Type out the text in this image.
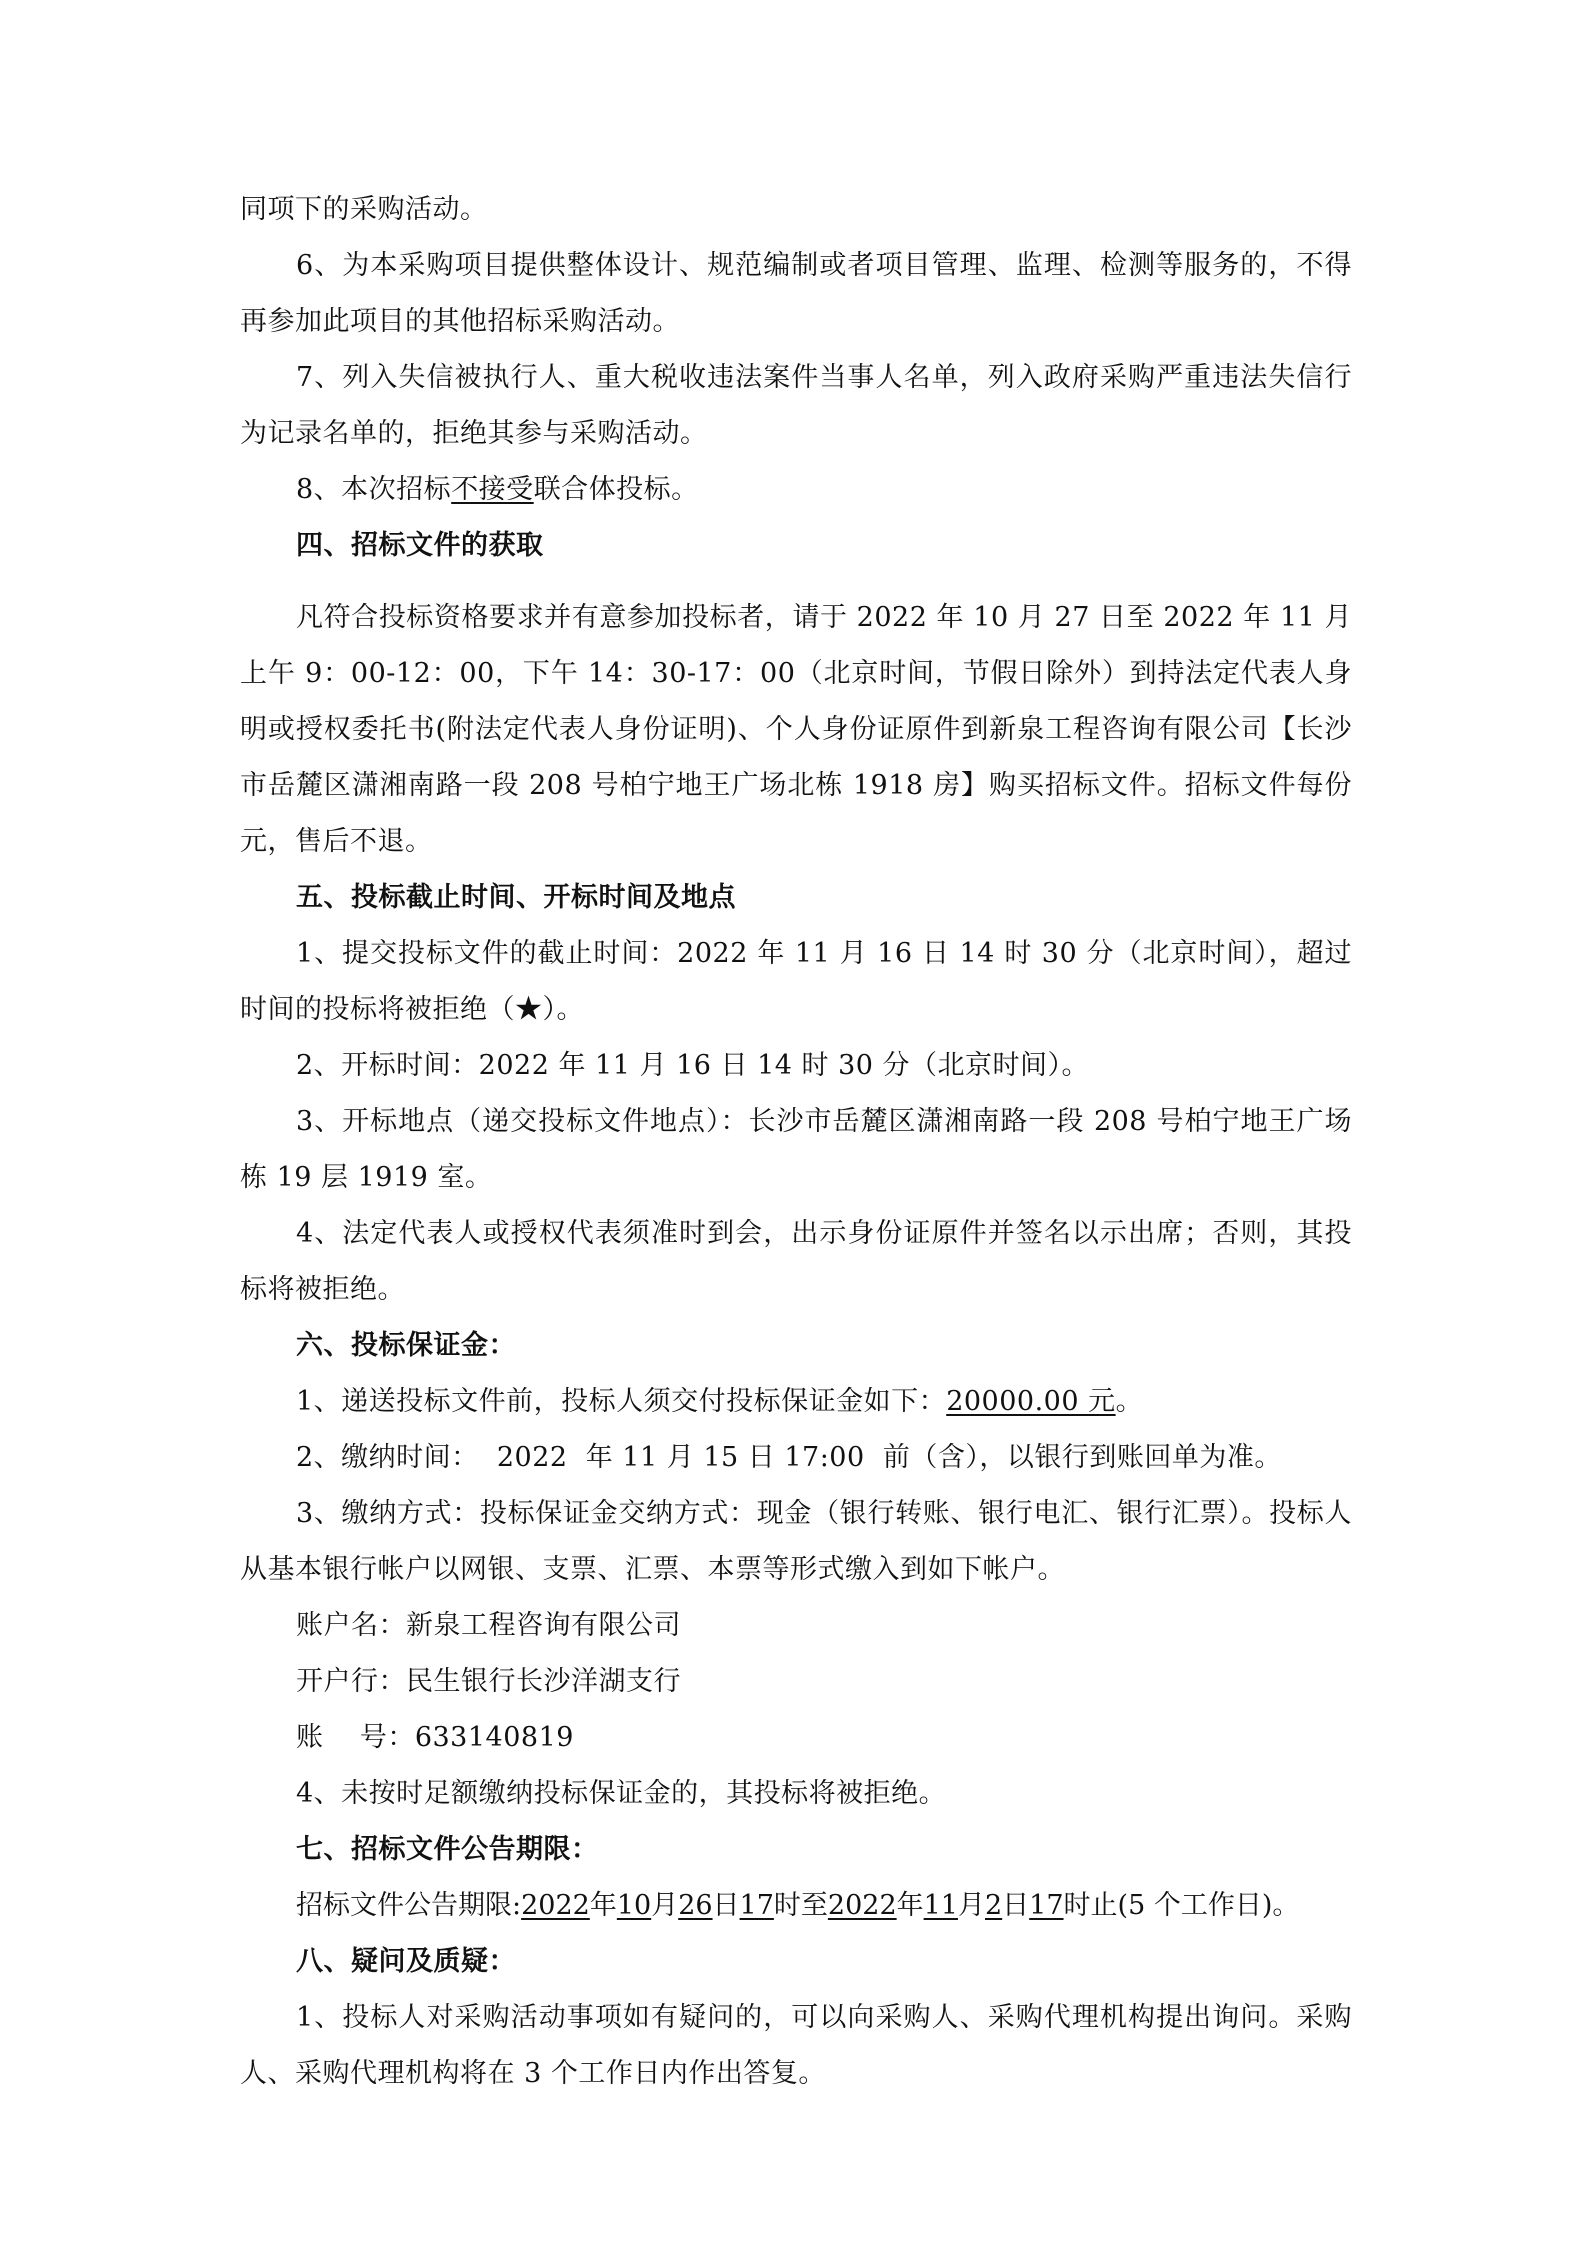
同项下的采购活动。
6、为本采购项目提供整体设计、规范编制或者项目管理、监理、检测等服务的，不得
再参加此项目的其他招标采购活动。
7、列入失信被执行人、重大税收违法案件当事人名单，列入政府采购严重违法失信行
为记录名单的，拒绝其参与采购活动。
8、本次招标不接受联合体投标。
四、招标文件的获取
凡符合投标资格要求并有意参加投标者，请于 2022 年 10 月 27 日至 2022 年 11 月
上午 9：00-12：00，下午 14：30-17：00（北京时间，节假日除外）到持法定代表人身
明或授权委托书(附法定代表人身份证明)、个人身份证原件到新泉工程咨询有限公司【长沙
市岳麓区潇湘南路一段 208 号柏宁地王广场北栋 1918 房】购买招标文件。招标文件每份
元，售后不退。
五、投标截止时间、开标时间及地点
1、提交投标文件的截止时间：2022 年 11 月 16 日 14 时 30 分（北京时间），超过
时间的投标将被拒绝（★）。
2、开标时间：2022 年 11 月 16 日 14 时 30 分（北京时间）。
3、开标地点（递交投标文件地点）：长沙市岳麓区潇湘南路一段 208 号柏宁地王广场
栋 19 层 1919 室。
4、法定代表人或授权代表须准时到会，出示身份证原件并签名以示出席；否则，其投
标将被拒绝。
六、投标保证金：
1、递送投标文件前，投标人须交付投标保证金如下：20000.00 元。
2、缴纳时间：  2022  年 11 月 15 日 17:00  前（含），以银行到账回单为准。
3、缴纳方式：投标保证金交纳方式：现金（银行转账、银行电汇、银行汇票）。投标人
从基本银行帐户以网银、支票、汇票、本票等形式缴入到如下帐户。
账户名：新泉工程咨询有限公司
开户行：民生银行长沙洋湖支行
账    号：633140819
4、未按时足额缴纳投标保证金的，其投标将被拒绝。
七、招标文件公告期限：
招标文件公告期限:2022年10月26日17时至2022年11月2日17时止(5 个工作日)。
八、疑问及质疑：
1、投标人对采购活动事项如有疑问的，可以向采购人、采购代理机构提出询问。采购
人、采购代理机构将在 3 个工作日内作出答复。
